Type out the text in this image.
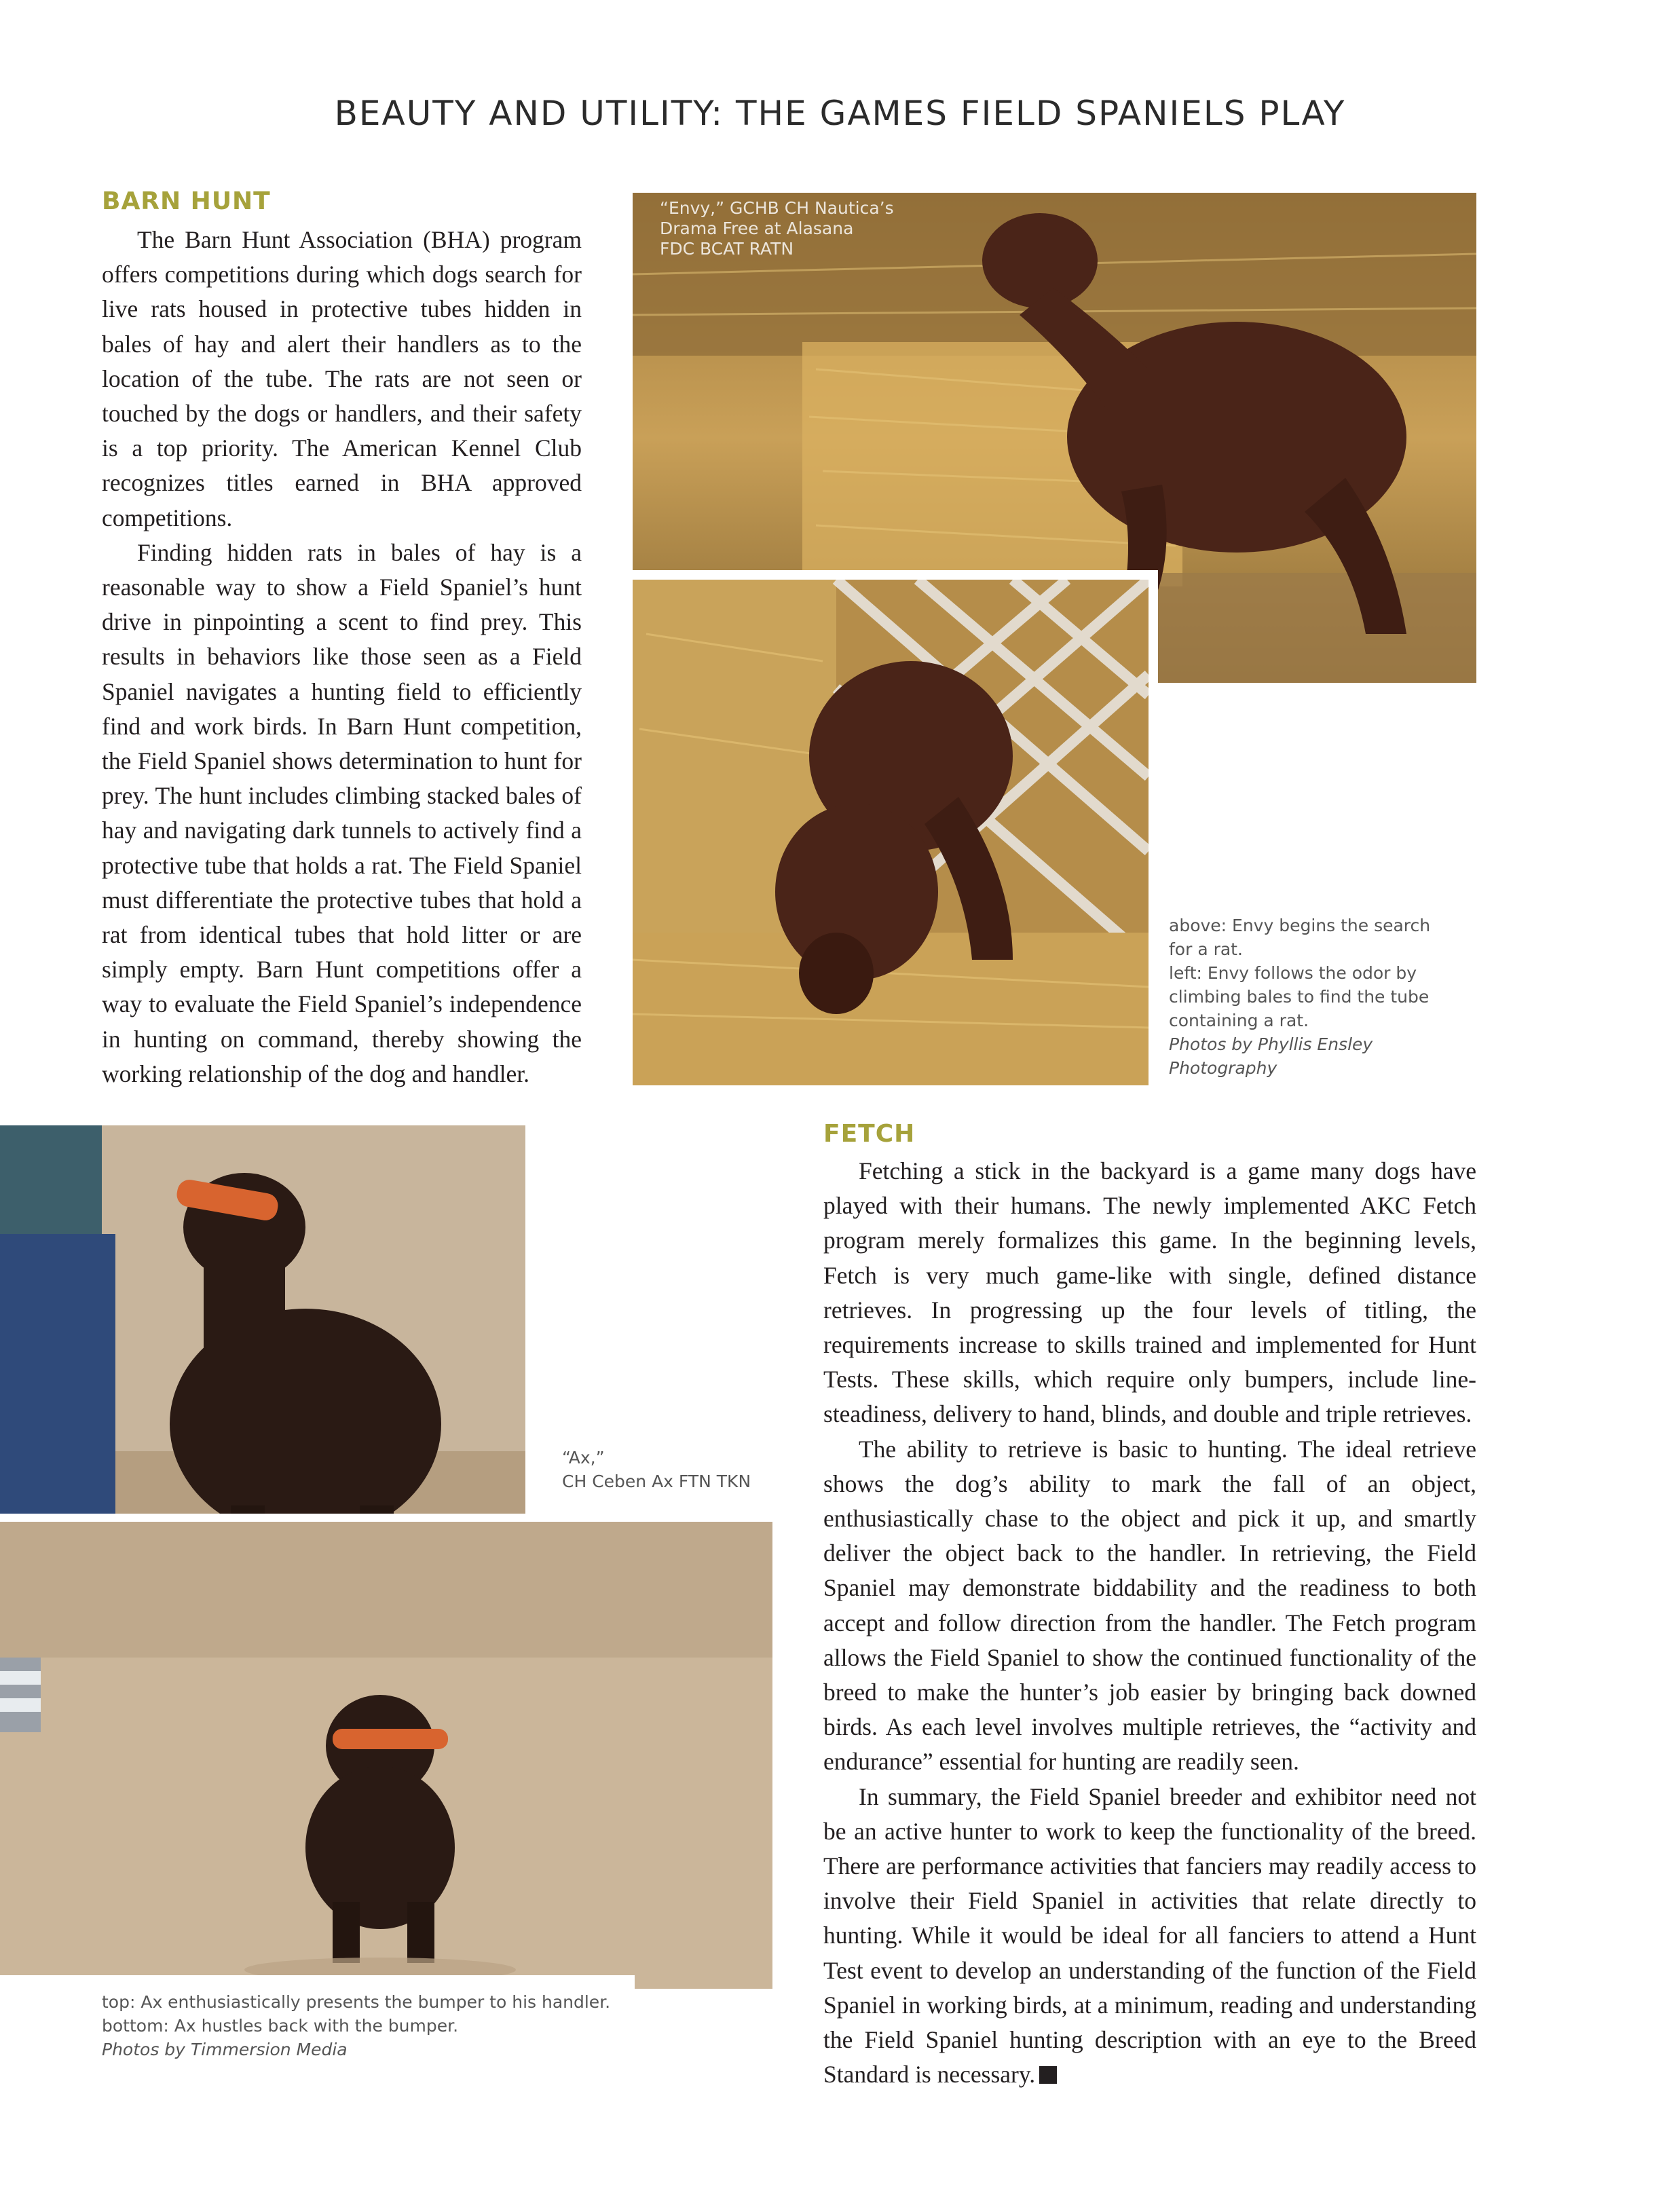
BEAUTY AND UTILITY: THE GAMES FIELD SPANIELS PLAY
BARN HUNT

The Barn Hunt Association (BHA) program offers competitions during which dogs search for live rats housed in protective tubes hidden in bales of hay and alert their handlers as to the location of the tube. The rats are not seen or touched by the dogs or handlers, and their safety is a top priority. The American Kennel Club recognizes titles earned in BHA approved competitions.

Finding hidden rats in bales of hay is a reasonable way to show a Field Spaniel’s hunt drive in pinpointing a scent to find prey. This results in behaviors like those seen as a Field Spaniel navigates a hunting field to efficiently find and work birds. In Barn Hunt competition, the Field Spaniel shows determination to hunt for prey. The hunt includes climbing stacked bales of hay and navigating dark tunnels to actively find a protective tube that holds a rat. The Field Spaniel must differentiate the protective tubes that hold a rat from identical tubes that hold litter or are simply empty. Barn Hunt competitions offer a way to evaluate the Field Spaniel’s independence in hunting on command, thereby showing the working relationship of the dog and handler.

“Envy,” GCHB CH Nautica’s
Drama Free at Alasana
FDC BCAT RATN
above: Envy begins the search
for a rat.
left: Envy follows the odor by
climbing bales to find the tube
containing a rat.
Photos by Phyllis Ensley
Photography
“Ax,”
CH Ceben Ax FTN TKN
top: Ax enthusiastically presents the bumper to his handler.
bottom: Ax hustles back with the bumper.
Photos by Timmersion Media
FETCH

Fetching a stick in the backyard is a game many dogs have played with their humans. The newly implemented AKC Fetch program merely formalizes this game. In the beginning levels, Fetch is very much game-like with single, defined distance retrieves. In progressing up the four levels of titling, the requirements increase to skills trained and implemented for Hunt Tests. These skills, which require only bumpers, include line-steadiness, delivery to hand, blinds, and double and triple retrieves.

The ability to retrieve is basic to hunting. The ideal retrieve shows the dog’s ability to mark the fall of an object, enthusiastically chase to the object and pick it up, and smartly deliver the object back to the handler. In retrieving, the Field Spaniel may demonstrate biddability and the readiness to both accept and follow direction from the handler. The Fetch program allows the Field Spaniel to show the continued functionality of the breed to make the hunter’s job easier by bringing back downed birds. As each level involves multiple retrieves, the “activity and endurance” essential for hunting are readily seen.

In summary, the Field Spaniel breeder and exhibitor need not be an active hunter to work to keep the functionality of the breed. There are performance activities that fanciers may readily access to involve their Field Spaniel in activities that relate directly to hunting. While it would be ideal for all fanciers to attend a Hunt Test event to develop an understanding of the function of the Field Spaniel in working birds, at a minimum, reading and understanding the Field Spaniel hunting description with an eye to the Breed Standard is necessary.
